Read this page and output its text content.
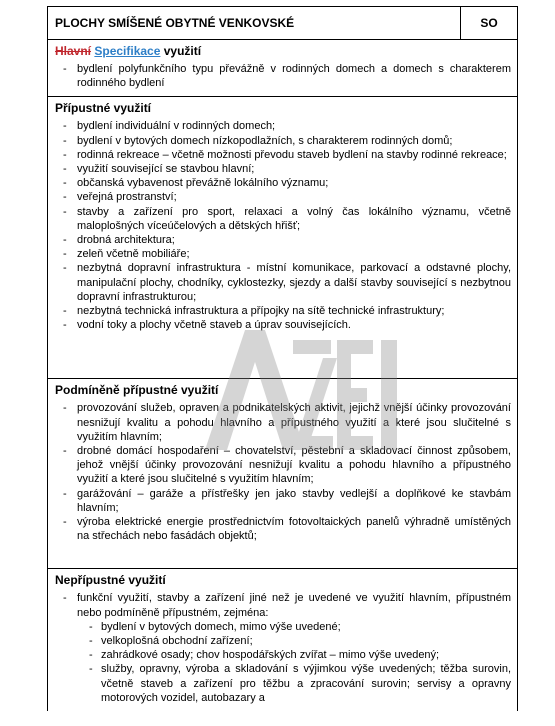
PLOCHY SMÍŠENÉ OBYTNÉ VENKOVSKÉ	SO
Hlavní Specifikace využití
- bydlení polyfunkčního typu převážně v rodinných domech a domech s charakterem rodinného bydlení
Přípustné využití
- bydlení individuální v rodinných domech;
- bydlení v bytových domech nízkopodlažních, s charakterem rodinných domů;
- rodinná rekreace – včetně možnosti převodu staveb bydlení na stavby rodinné rekreace;
- využití související se stavbou hlavní;
- občanská vybavenost převážně lokálního významu;
- veřejná prostranství;
- stavby a zařízení pro sport, relaxaci a volný čas lokálního významu, včetně maloplošných víceúčelových a dětských hřišť;
- drobná architektura;
- zeleň včetně mobiliáře;
- nezbytná dopravní infrastruktura - místní komunikace, parkovací a odstavné plochy, manipulační plochy, chodníky, cyklostezky, sjezdy a další stavby související s nezbytnou dopravní infrastrukturou;
- nezbytná technická infrastruktura a přípojky na sítě technické infrastruktury;
- vodní toky a plochy včetně staveb a úprav souvisejících.
Podmíněně přípustné využití
- provozování služeb, opraven a podnikatelských aktivit, jejichž vnější účinky provozování nesnižují kvalitu a pohodu hlavního a přípustného využití a které jsou slučitelné s využitím hlavním;
- drobné domácí hospodaření – chovatelství, pěstební a skladovací činnost způsobem, jehož vnější účinky provozování nesnižují kvalitu a pohodu hlavního a přípustného využití a které jsou slučitelné s využitím hlavním;
- garážování – garáže a přístřešky jen jako stavby vedlejší a doplňkové ke stavbám hlavním;
- výroba elektrické energie prostřednictvím fotovoltaických panelů výhradně umístěných na střechách nebo fasádách objektů;
Nepřípustné využití
- funkční využití, stavby a zařízení jiné než je uvedené ve využití hlavním, přípustném nebo podmíněně přípustném, zejména:
- bydlení v bytových domech, mimo výše uvedené;
- velkoplošná obchodní zařízení;
- zahrádkové osady; chov hospodářských zvířat – mimo výše uvedený;
- služby, opravny, výroba a skladování s výjimkou výše uvedených; těžba surovin, včetně staveb a zařízení pro těžbu a zpracování surovin; servisy a opravny motorových vozidel, autobazary a
